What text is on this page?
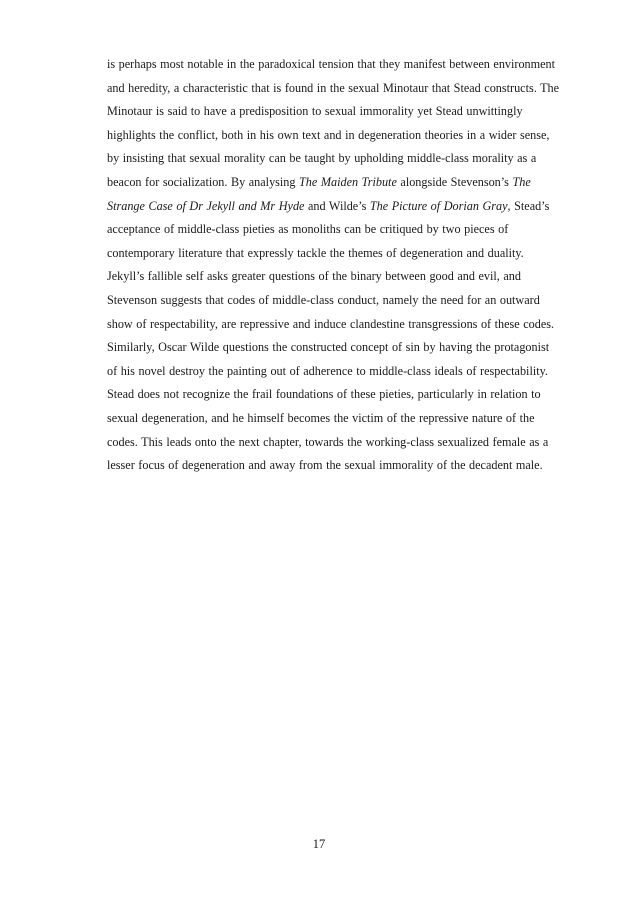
is perhaps most notable in the paradoxical tension that they manifest between environment
and heredity, a characteristic that is found in the sexual Minotaur that Stead constructs. The
Minotaur is said to have a predisposition to sexual immorality yet Stead unwittingly
highlights the conflict, both in his own text and in degeneration theories in a wider sense,
by insisting that sexual morality can be taught by upholding middle-class morality as a
beacon for socialization. By analysing The Maiden Tribute alongside Stevenson’s The
Strange Case of Dr Jekyll and Mr Hyde and Wilde’s The Picture of Dorian Gray, Stead’s
acceptance of middle-class pieties as monoliths can be critiqued by two pieces of
contemporary literature that expressly tackle the themes of degeneration and duality.
Jekyll’s fallible self asks greater questions of the binary between good and evil, and
Stevenson suggests that codes of middle-class conduct, namely the need for an outward
show of respectability, are repressive and induce clandestine transgressions of these codes.
Similarly, Oscar Wilde questions the constructed concept of sin by having the protagonist
of his novel destroy the painting out of adherence to middle-class ideals of respectability.
Stead does not recognize the frail foundations of these pieties, particularly in relation to
sexual degeneration, and he himself becomes the victim of the repressive nature of the
codes. This leads onto the next chapter, towards the working-class sexualized female as a
lesser focus of degeneration and away from the sexual immorality of the decadent male.
17
